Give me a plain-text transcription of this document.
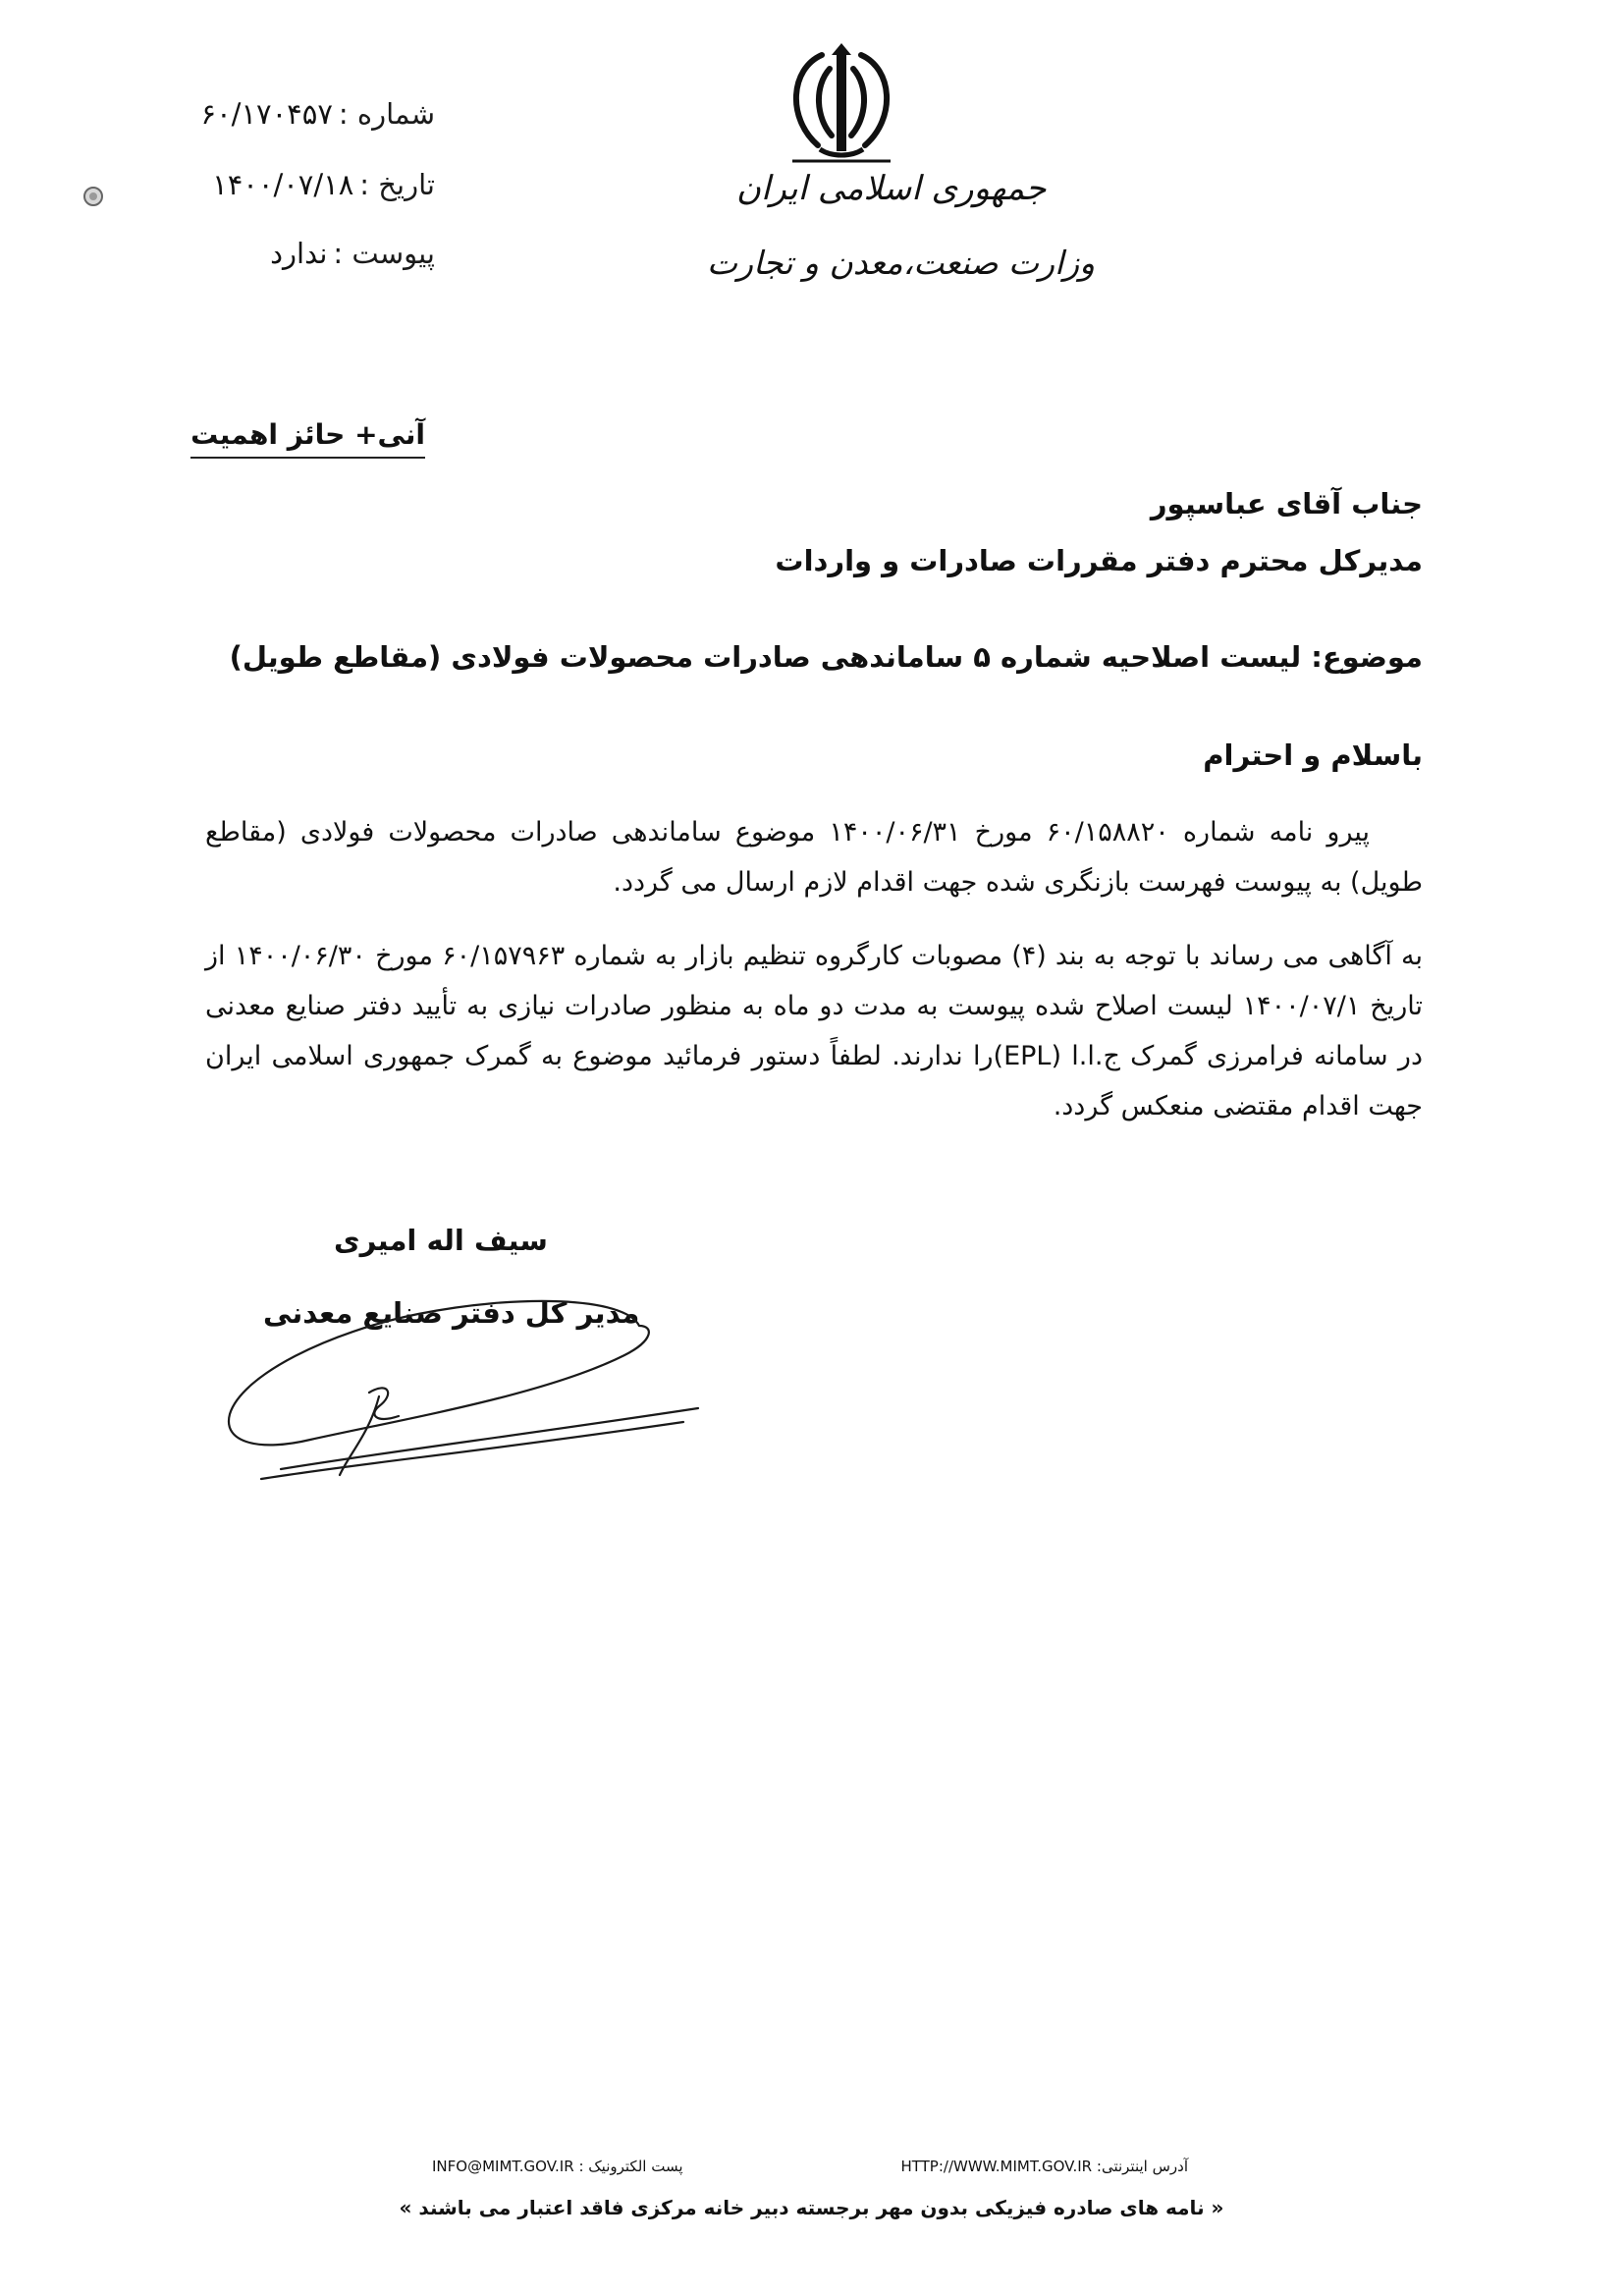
شماره :۶۰/۱۷۰۴۵۷
تاریخ :۱۴۰۰/۰۷/۱۸
پیوست :ندارد
جمهوری اسلامی ایران
وزارت صنعت،معدن و تجارت
آنی+ حائز اهمیت
جناب آقای عباسپور
مدیرکل محترم دفتر مقررات صادرات و واردات
موضوع: لیست اصلاحیه شماره ۵ ساماندهی صادرات محصولات فولادی (مقاطع طویل)
باسلام و احترام
پیرو نامه شماره ۶۰/۱۵۸۸۲۰ مورخ ۱۴۰۰/۰۶/۳۱ موضوع ساماندهی صادرات محصولات فولادی (مقاطع طویل) به پیوست فهرست بازنگری شده جهت اقدام لازم ارسال می گردد.
به آگاهی می رساند با توجه به بند (۴) مصوبات کارگروه تنظیم بازار به شماره ۶۰/۱۵۷۹۶۳ مورخ ۱۴۰۰/۰۶/۳۰ از تاریخ ۱۴۰۰/۰۷/۱ لیست اصلاح شده پیوست به مدت دو ماه به منظور صادرات نیازی به تأیید دفتر صنایع معدنی در سامانه فرامرزی گمرک ج.ا.ا (EPL)را ندارند. لطفاً دستور فرمائید موضوع به گمرک جمهوری اسلامی ایران جهت اقدام مقتضی منعکس گردد.
سیف اله امیری
مدیر کل دفتر صنایع معدنی
آدرس اینترنتی: HTTP://WWW.MIMT.GOV.IR
پست الکترونیک : INFO@MIMT.GOV.IR
« نامه های صادره فیزیکی بدون مهر برجسته دبیر خانه مرکزی فاقد اعتبار می باشند »
